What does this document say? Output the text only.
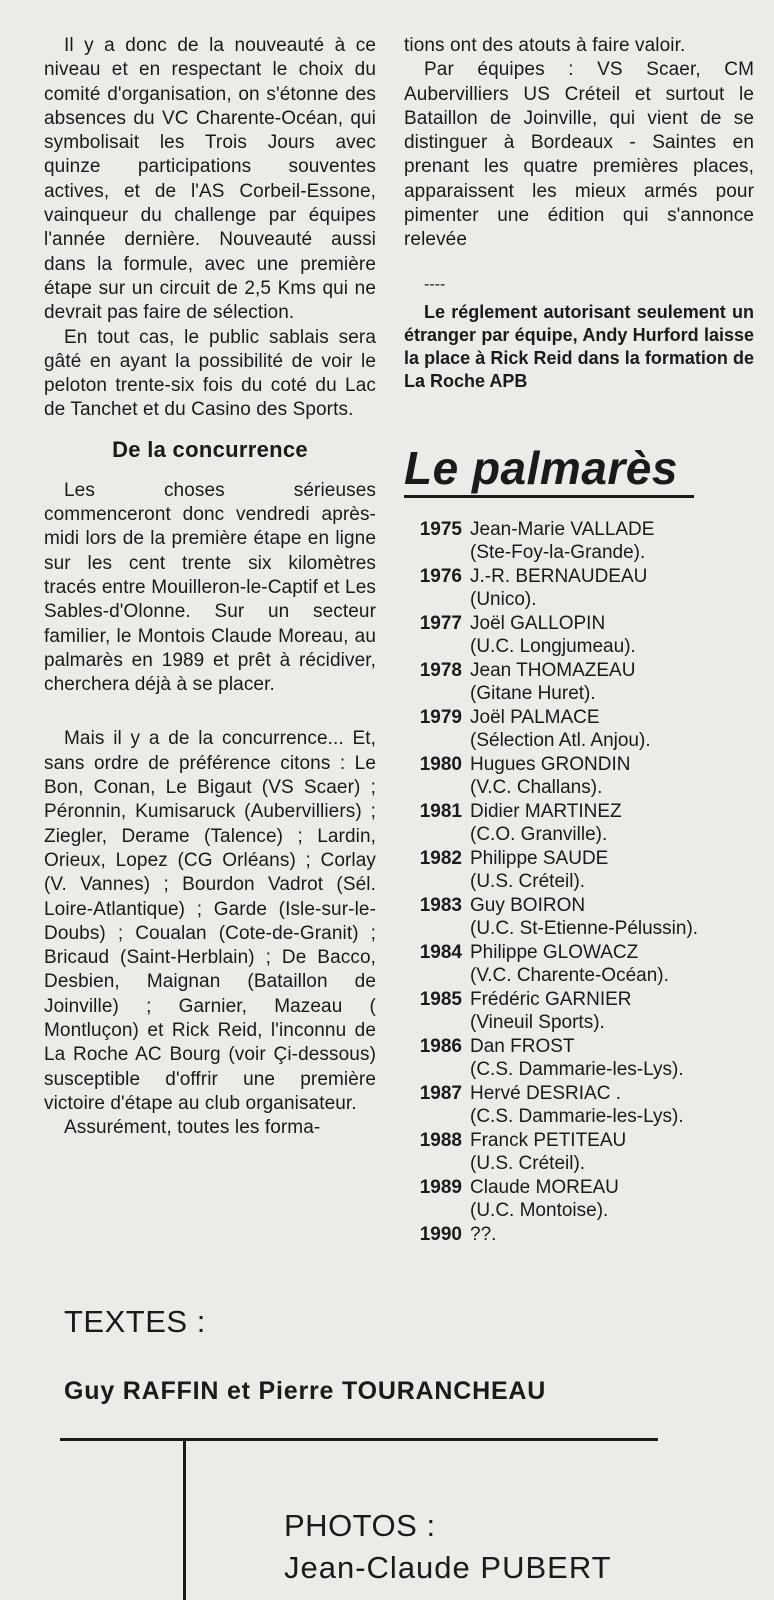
Il y a donc de la nouveauté à ce niveau et en respectant le choix du comité d'organisation, on s'étonne des absences du VC Charente-Océan, qui symbolisait les Trois Jours avec quinze participations souventes actives, et de l'AS Corbeil-Essone, vainqueur du challenge par équipes l'année dernière. Nouveauté aussi dans la formule, avec une première étape sur un circuit de 2,5 Kms qui ne devrait pas faire de sélection.

En tout cas, le public sablais sera gâté en ayant la possibilité de voir le peloton trente-six fois du coté du Lac de Tanchet et du Casino des Sports.

De la concurrence

Les choses sérieuses commenceront donc vendredi après-midi lors de la première étape en ligne sur les cent trente six kilomètres tracés entre Mouilleron-le-Captif et Les Sables-d'Olonne. Sur un secteur familier, le Montois Claude Moreau, au palmarès en 1989 et prêt à récidiver, cherchera déjà à se placer.

Mais il y a de la concurrence... Et, sans ordre de préférence citons : Le Bon, Conan, Le Bigaut (VS Scaer) ; Péronnin, Kumisaruck (Aubervilliers) ; Ziegler, Derame (Talence) ; Lardin, Orieux, Lopez (CG Orléans) ; Corlay (V. Vannes) ; Bourdon Vadrot (Sél. Loire-Atlantique) ; Garde (Isle-sur-le-Doubs) ; Coualan (Cote-de-Granit) ; Bricaud (Saint-Herblain) ; De Bacco, Desbien, Maignan (Bataillon de Joinville) ; Garnier, Mazeau ( Montluçon) et Rick Reid, l'inconnu de La Roche AC Bourg (voir Çi-dessous) susceptible d'offrir une première victoire d'étape au club organisateur.

Assurément, toutes les forma-

tions ont des atouts à faire valoir.

Par équipes : VS Scaer, CM Aubervilliers US Créteil et surtout le Bataillon de Joinville, qui vient de se distinguer à Bordeaux - Saintes en prenant les quatre premières places, apparaissent les mieux armés pour pimenter une édition qui s'annonce relevée

----

Le réglement autorisant seulement un étranger par équipe, Andy Hurford laisse la place à Rick Reid dans la formation de La Roche APB

Le palmarès
1975 Jean-Marie VALLADE
(Ste-Foy-la-Grande).
1976 J.-R. BERNAUDEAU
(Unico).
1977 Joël GALLOPIN
(U.C. Longjumeau).
1978 Jean THOMAZEAU
(Gitane Huret).
1979 Joël PALMACE
(Sélection Atl. Anjou).
1980 Hugues GRONDIN
(V.C. Challans).
1981 Didier MARTINEZ
(C.O. Granville).
1982 Philippe SAUDE
(U.S. Créteil).
1983 Guy BOIRON
(U.C. St-Etienne-Pélussin).
1984 Philippe GLOWACZ
(V.C. Charente-Océan).
1985 Frédéric GARNIER
(Vineuil Sports).
1986 Dan FROST
(C.S. Dammarie-les-Lys).
1987 Hervé DESRIAC .
(C.S. Dammarie-les-Lys).
1988 Franck PETITEAU
(U.S. Créteil).
1989 Claude MOREAU
(U.C. Montoise).
1990 ??.
TEXTES :
Guy RAFFIN et Pierre TOURANCHEAU
PHOTOS :
Jean-Claude PUBERT
